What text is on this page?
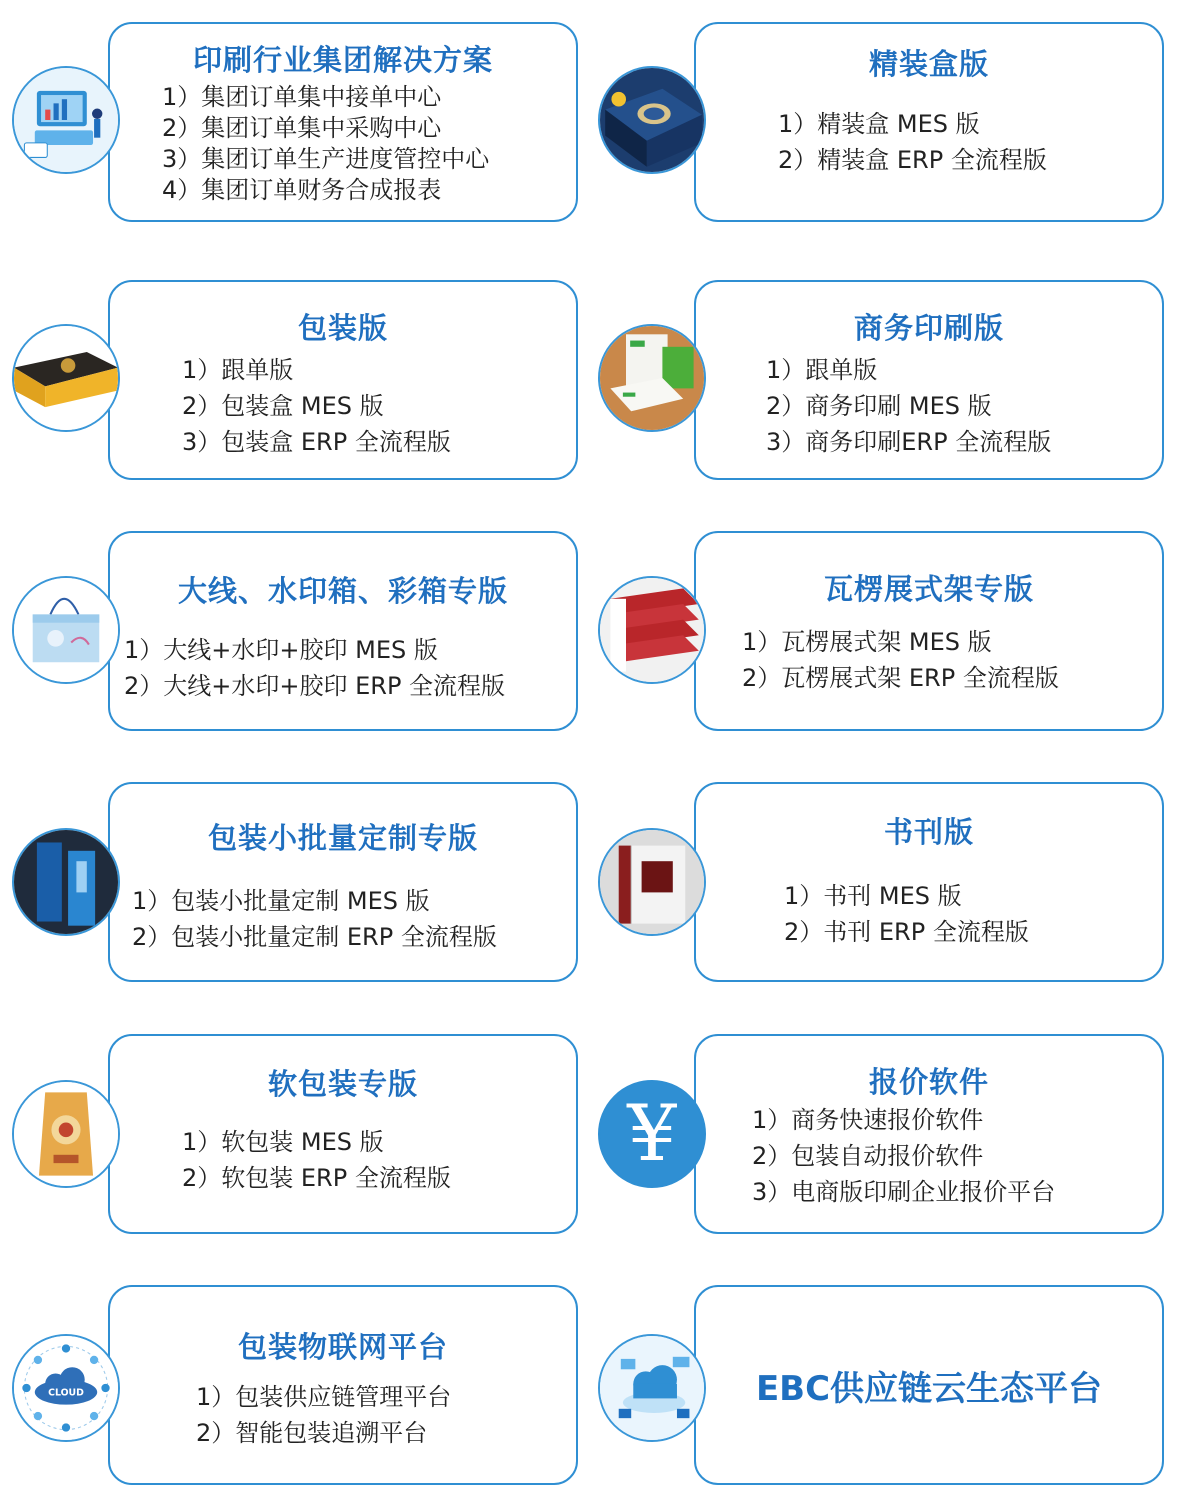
印刷行业集团解决方案
1）集团订单集中接单中心
2）集团订单集中采购中心
3）集团订单生产进度管控中心
4）集团订单财务合成报表
精装盒版
1）精装盒 MES 版
2）精装盒 ERP 全流程版
包装版
1）跟单版
2）包装盒 MES 版
3）包装盒 ERP 全流程版
商务印刷版
1）跟单版
2）商务印刷 MES 版
3）商务印刷ERP 全流程版
大线、水印箱、彩箱专版
1）大线+水印+胶印 MES 版
2）大线+水印+胶印 ERP 全流程版
瓦楞展式架专版
1）瓦楞展式架 MES 版
2）瓦楞展式架 ERP 全流程版
包装小批量定制专版
1）包装小批量定制 MES 版
2）包装小批量定制 ERP 全流程版
书刊版
1）书刊 MES 版
2）书刊 ERP 全流程版
软包装专版
1）软包装 MES 版
2）软包装 ERP 全流程版
报价软件
1）商务快速报价软件
2）包装自动报价软件
3）电商版印刷企业报价平台
¥
包装物联网平台
1）包装供应链管理平台
2）智能包装追溯平台
CLOUD	EBC供应链云生态平台
